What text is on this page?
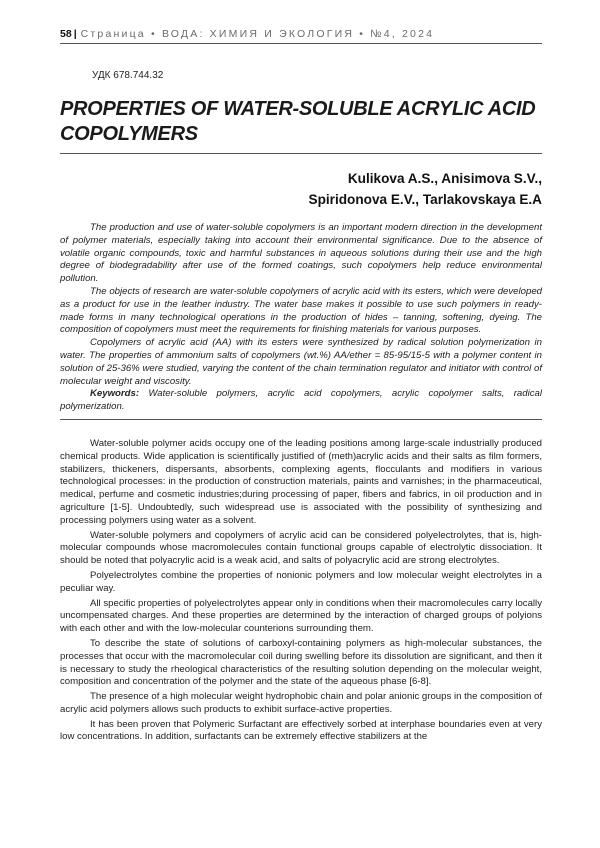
58 | Страница • ВОДА: ХИМИЯ И ЭКОЛОГИЯ • №4, 2024
УДК 678.744.32
PROPERTIES OF WATER-SOLUBLE ACRYLIC ACID COPOLYMERS
Kulikova A.S., Anisimova S.V.,
Spiridonova E.V., Tarlakovskaya E.A

The production and use of water-soluble copolymers is an important modern direction in the development of polymer materials, especially taking into account their environmental significance. Due to the absence of volatile organic compounds, toxic and harmful substances in aqueous solutions during their use and the high degree of biodegradability after use of the formed coatings, such copolymers help reduce environmental pollution.

The objects of research are water-soluble copolymers of acrylic acid with its esters, which were developed as a product for use in the leather industry. The water base makes it possible to use such polymers in ready-made forms in many technological operations in the production of hides – tanning, softening, dyeing. The composition of copolymers must meet the requirements for finishing materials for various purposes.

Copolymers of acrylic acid (AA) with its esters were synthesized by radical solution polymerization in water. The properties of ammonium salts of copolymers (wt.%) AA/ether = 85-95/15-5 with a polymer content in solution of 25-36% were studied, varying the content of the chain termination regulator and initiator with control of molecular weight and viscosity.

Keywords: Water-soluble polymers, acrylic acid copolymers, acrylic copolymer salts, radical polymerization.

Water-soluble polymer acids occupy one of the leading positions among large-scale industrially produced chemical products. Wide application is scientifically justified of (meth)acrylic acids and their salts as film formers, stabilizers, thickeners, dispersants, absorbents, complexing agents, flocculants and modifiers in various technological processes: in the production of construction materials, paints and varnishes; in the pharmaceutical, medical, perfume and cosmetic industries;during processing of paper, fibers and fabrics, in oil production and in agriculture [1-5]. Undoubtedly, such widespread use is associated with the possibility of synthesizing and processing polymers using water as a solvent.

Water-soluble polymers and copolymers of acrylic acid can be considered polyelectrolytes, that is, high-molecular compounds whose macromolecules contain functional groups capable of electrolytic dissociation. It should be noted that polyacrylic acid is a weak acid, and salts of polyacrylic acid are strong electrolytes.

Polyelectrolytes combine the properties of nonionic polymers and low molecular weight electrolytes in a peculiar way.

All specific properties of polyelectrolytes appear only in conditions when their macromolecules carry locally uncompensated charges. And these properties are determined by the interaction of charged groups of polyions with each other and with the low-molecular counterions surrounding them.

To describe the state of solutions of carboxyl-containing polymers as high-molecular substances, the processes that occur with the macromolecular coil during swelling before its dissolution are significant, and then it is necessary to study the rheological characteristics of the resulting solution depending on the molecular weight, composition and concentration of the polymer and the state of the aqueous phase [6-8].

The presence of a high molecular weight hydrophobic chain and polar anionic groups in the composition of acrylic acid polymers allows such products to exhibit surface-active properties.

It has been proven that Polymeric Surfactant are effectively sorbed at interphase boundaries even at very low concentrations. In addition, surfactants can be extremely effective stabilizers at the
